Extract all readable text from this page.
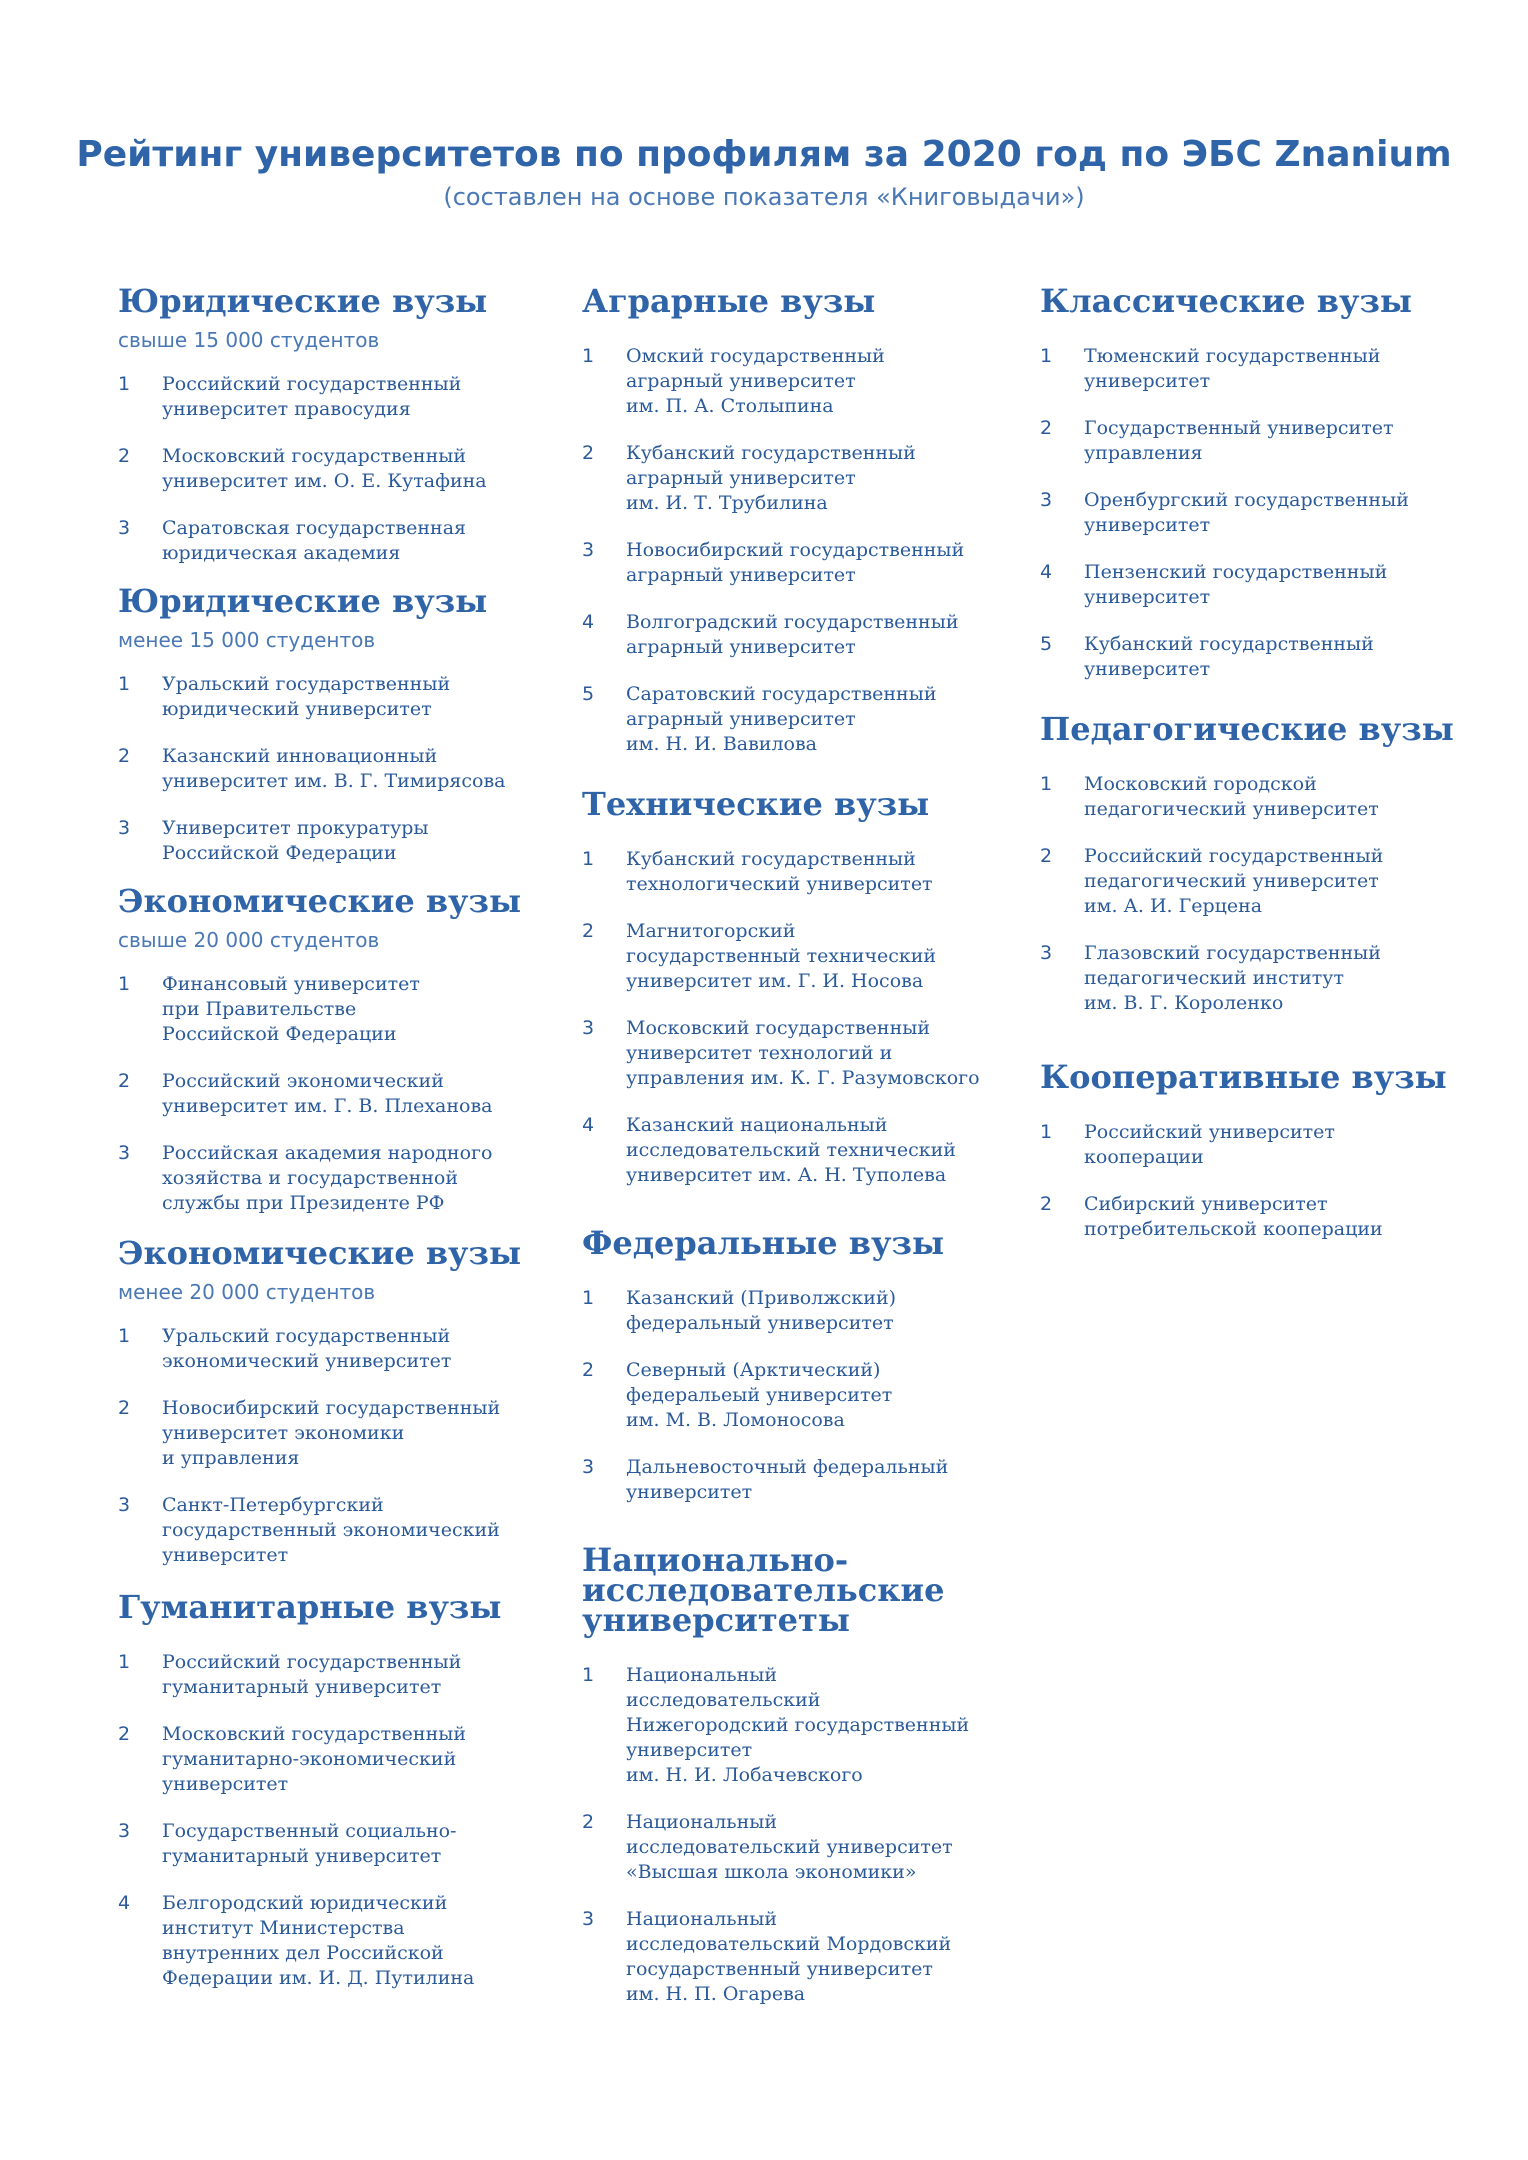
Рейтинг университетов по профилям за 2020 год по ЭБС Znanium
(составлен на основе показателя «Книговыдачи»)
Юридические вузы
свыше 15 000 студентов
1	Российский государственный
университет правосудия
2	Московский государственный
университет им. О. Е. Кутафина
3	Саратовская государственная
юридическая академия
Юридические вузы
менее 15 000 студентов
1	Уральский государственный
юридический университет
2	Казанский инновационный
университет им. В. Г. Тимирясова
3	Университет прокуратуры
Российской Федерации
Экономические вузы
свыше 20 000 студентов
1	Финансовый университет
при Правительстве
Российской Федерации
2	Российский экономический
университет им. Г. В. Плеханова
3	Российская академия народного
хозяйства и государственной
службы при Президенте РФ
Экономические вузы
менее 20 000 студентов
1	Уральский государственный
экономический университет
2	Новосибирский государственный
университет экономики
и управления
3	Санкт-Петербургский
государственный экономический
университет
Гуманитарные вузы
1	Российский государственный
гуманитарный университет
2	Московский государственный
гуманитарно-экономический
университет
3	Государственный социально-
гуманитарный университет
4	Белгородский юридический
институт Министерства
внутренних дел Российской
Федерации им. И. Д. Путилина
Аграрные вузы
1	Омский государственный
аграрный университет
им. П. А. Столыпина
2	Кубанский государственный
аграрный университет
им. И. Т. Трубилина
3	Новосибирский государственный
аграрный университет
4	Волгоградский государственный
аграрный университет
5	Саратовский государственный
аграрный университет
им. Н. И. Вавилова
Технические вузы
1	Кубанский государственный
технологический университет
2	Магнитогорский
государственный технический
университет им. Г. И. Носова
3	Московский государственный
университет технологий и
управления им. К. Г. Разумовского
4	Казанский национальный
исследовательский технический
университет им. А. Н. Туполева
Федеральные вузы
1	Казанский (Приволжский)
федеральный университет
2	Северный (Арктический)
федеральеый университет
им. М. В. Ломоносова
3	Дальневосточный федеральный
университет
Национально-
исследовательские
университеты
1	Национальный
исследовательский
Нижегородский государственный
университет
им. Н. И. Лобачевского
2	Национальный
исследовательский университет
«Высшая школа экономики»
3	Национальный
исследовательский Мордовский
государственный университет
им. Н. П. Огарева
Классические вузы
1	Тюменский государственный
университет
2	Государственный университет
управления
3	Оренбургский государственный
университет
4	Пензенский государственный
университет
5	Кубанский государственный
университет
Педагогические вузы
1	Московский городской
педагогический университет
2	Российский государственный
педагогический университет
им. А. И. Герцена
3	Глазовский государственный
педагогический институт
им. В. Г. Короленко
Кооперативные вузы
1	Российский университет
кооперации
2	Сибирский университет
потребительской кооперации
